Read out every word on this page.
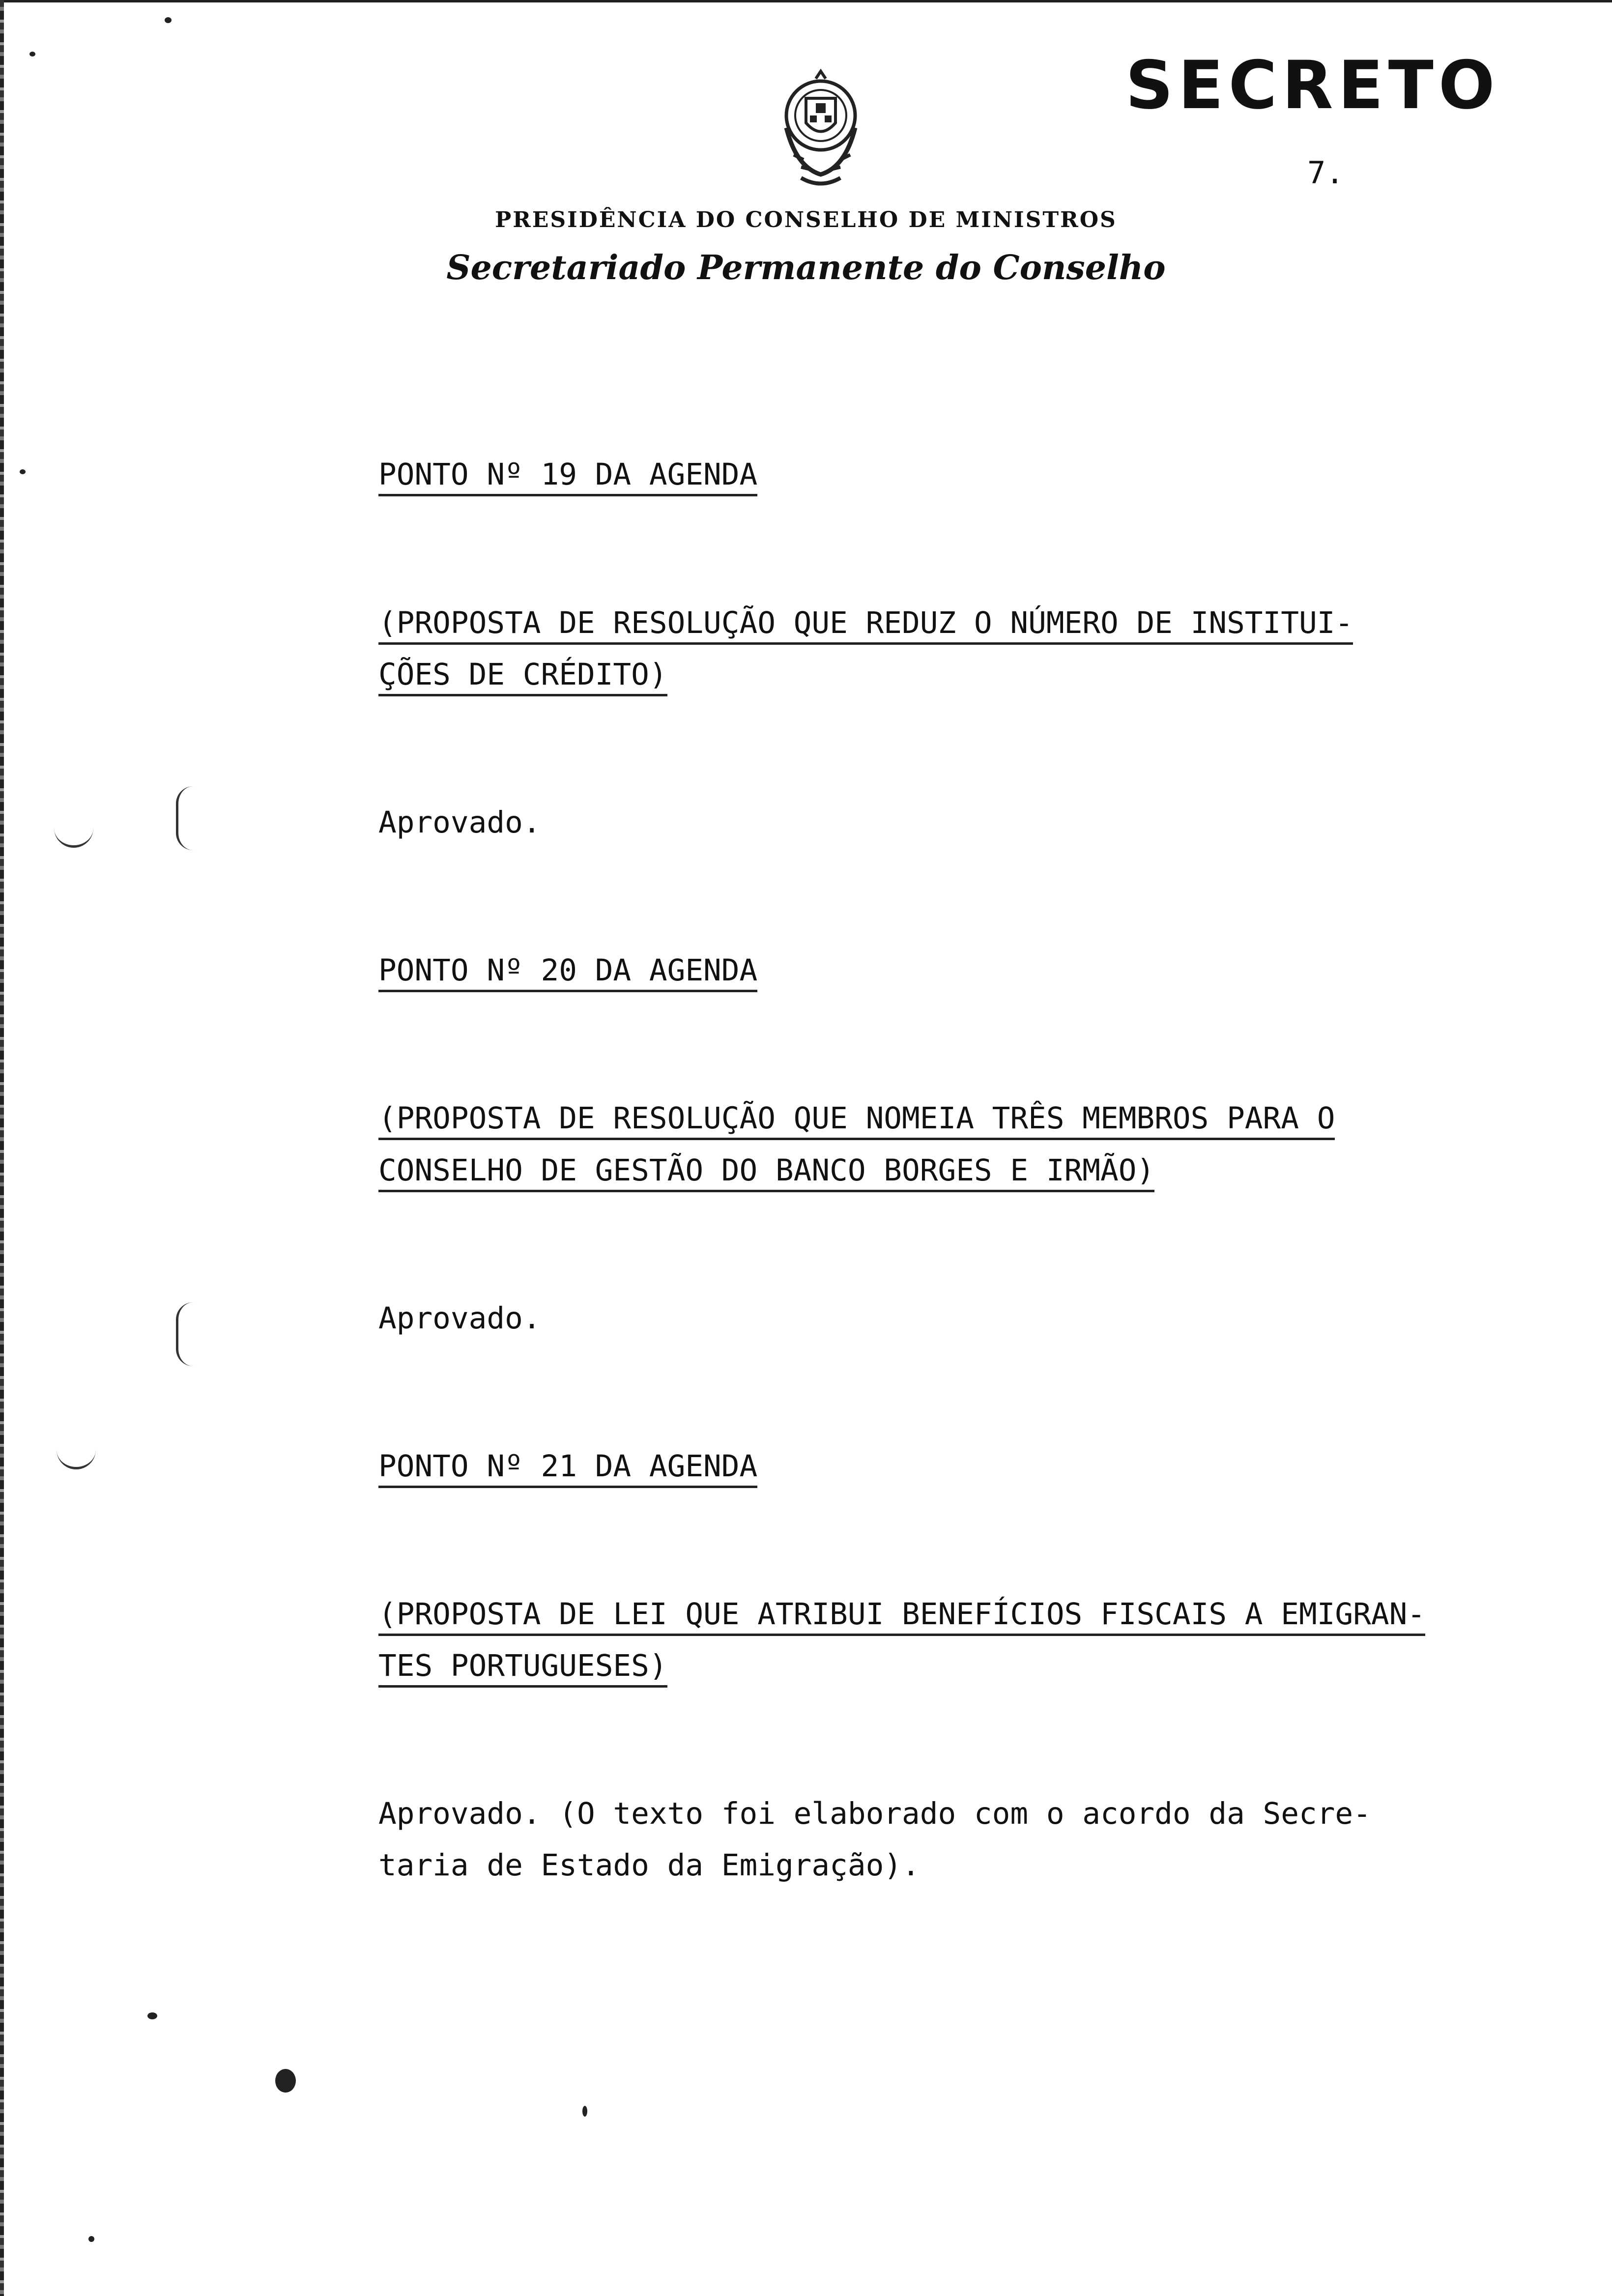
SECRETO
7.
PRESIDÊNCIA DO CONSELHO DE MINISTROS
Secretariado Permanente do Conselho
PONTO Nº 19 DA AGENDA
(PROPOSTA DE RESOLUÇÃO QUE REDUZ O NÚMERO DE INSTITUI-
ÇÕES DE CRÉDITO)
Aprovado.
PONTO Nº 20 DA AGENDA
(PROPOSTA DE RESOLUÇÃO QUE NOMEIA TRÊS MEMBROS PARA O
CONSELHO DE GESTÃO DO BANCO BORGES E IRMÃO)
Aprovado.
PONTO Nº 21 DA AGENDA
(PROPOSTA DE LEI QUE ATRIBUI BENEFÍCIOS FISCAIS A EMIGRAN-
TES PORTUGUESES)
Aprovado. (O texto foi elaborado com o acordo da Secre-
taria de Estado da Emigração).
